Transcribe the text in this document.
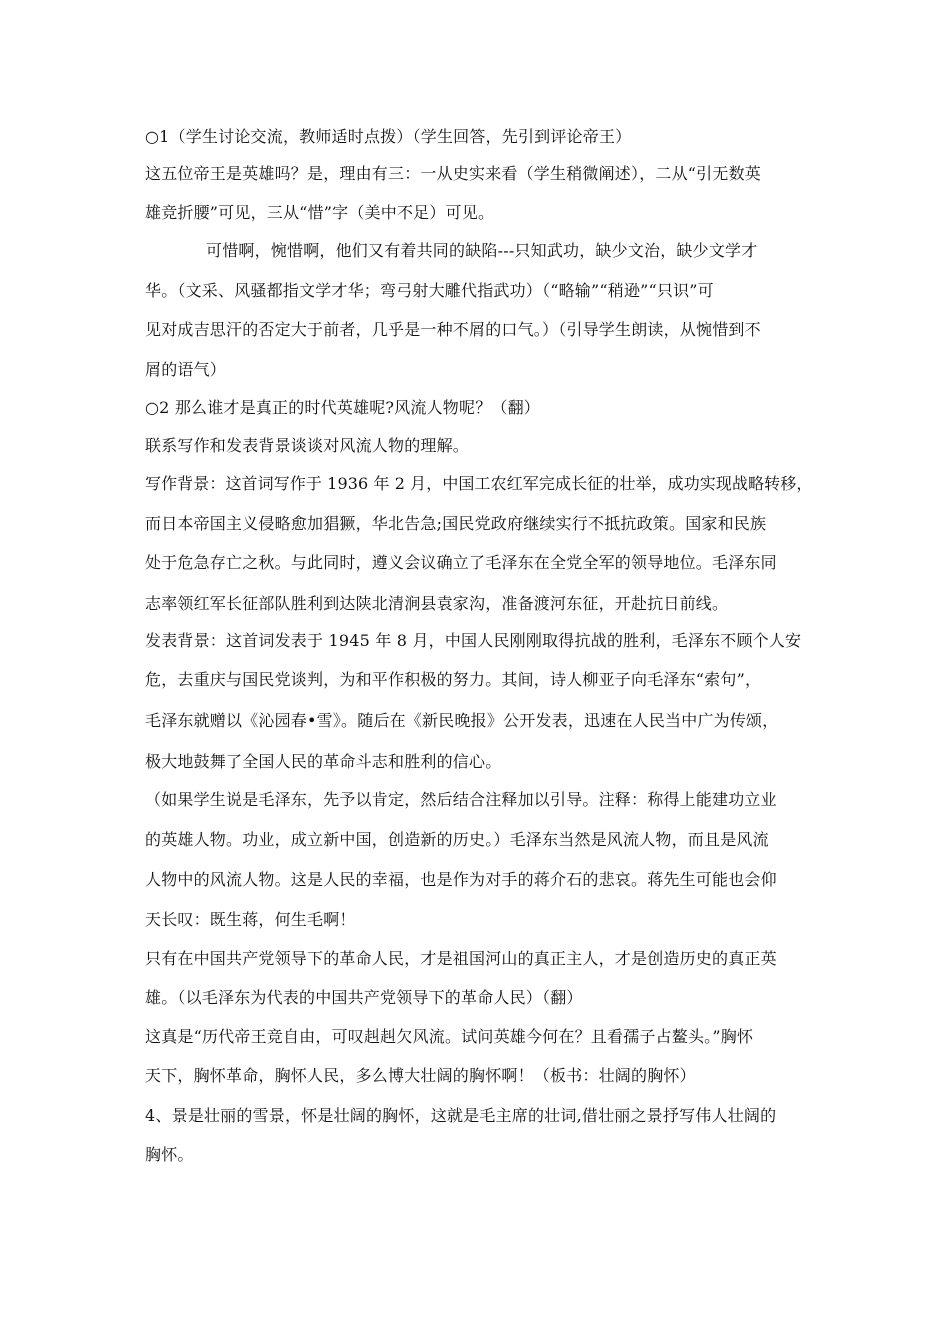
○1（学生讨论交流，教师适时点拨）（学生回答，先引到评论帝王）
这五位帝王是英雄吗？是，理由有三：一从史实来看（学生稍微阐述），二从“引无数英
雄竞折腰”可见，三从“惜”字（美中不足）可见。
可惜啊，惋惜啊，他们又有着共同的缺陷---只知武功，缺少文治，缺少文学才
华。（文采、风骚都指文学才华；弯弓射大雕代指武功）（“略输”“稍逊”“只识”可
见对成吉思汗的否定大于前者，几乎是一种不屑的口气。）（引导学生朗读，从惋惜到不
屑的语气）
○2 那么谁才是真正的时代英雄呢?风流人物呢？（翻）
联系写作和发表背景谈谈对风流人物的理解。
写作背景：这首词写作于 1936 年 2 月，中国工农红军完成长征的壮举，成功实现战略转移，
而日本帝国主义侵略愈加猖獗，华北告急;国民党政府继续实行不抵抗政策。国家和民族
处于危急存亡之秋。与此同时，遵义会议确立了毛泽东在全党全军的领导地位。毛泽东同
志率领红军长征部队胜利到达陕北清涧县袁家沟，准备渡河东征，开赴抗日前线。
发表背景：这首词发表于 1945 年 8 月，中国人民刚刚取得抗战的胜利，毛泽东不顾个人安
危，去重庆与国民党谈判，为和平作积极的努力。其间，诗人柳亚子向毛泽东“索句”，
毛泽东就赠以《沁园春•雪》。随后在《新民晚报》公开发表，迅速在人民当中广为传颂，
极大地鼓舞了全国人民的革命斗志和胜利的信心。
（如果学生说是毛泽东，先予以肯定，然后结合注释加以引导。注释：称得上能建功立业
的英雄人物。功业，成立新中国，创造新的历史。）毛泽东当然是风流人物，而且是风流
人物中的风流人物。这是人民的幸福，也是作为对手的蒋介石的悲哀。蒋先生可能也会仰
天长叹：既生蒋，何生毛啊！
只有在中国共产党领导下的革命人民，才是祖国河山的真正主人，才是创造历史的真正英
雄。（以毛泽东为代表的中国共产党领导下的革命人民）（翻）
这真是“历代帝王竞自由，可叹赳赳欠风流。试问英雄今何在？且看孺子占鳌头。”胸怀
天下，胸怀革命，胸怀人民，多么博大壮阔的胸怀啊！（板书：壮阔的胸怀）
4、景是壮丽的雪景，怀是壮阔的胸怀，这就是毛主席的壮词,借壮丽之景抒写伟人壮阔的
胸怀。
